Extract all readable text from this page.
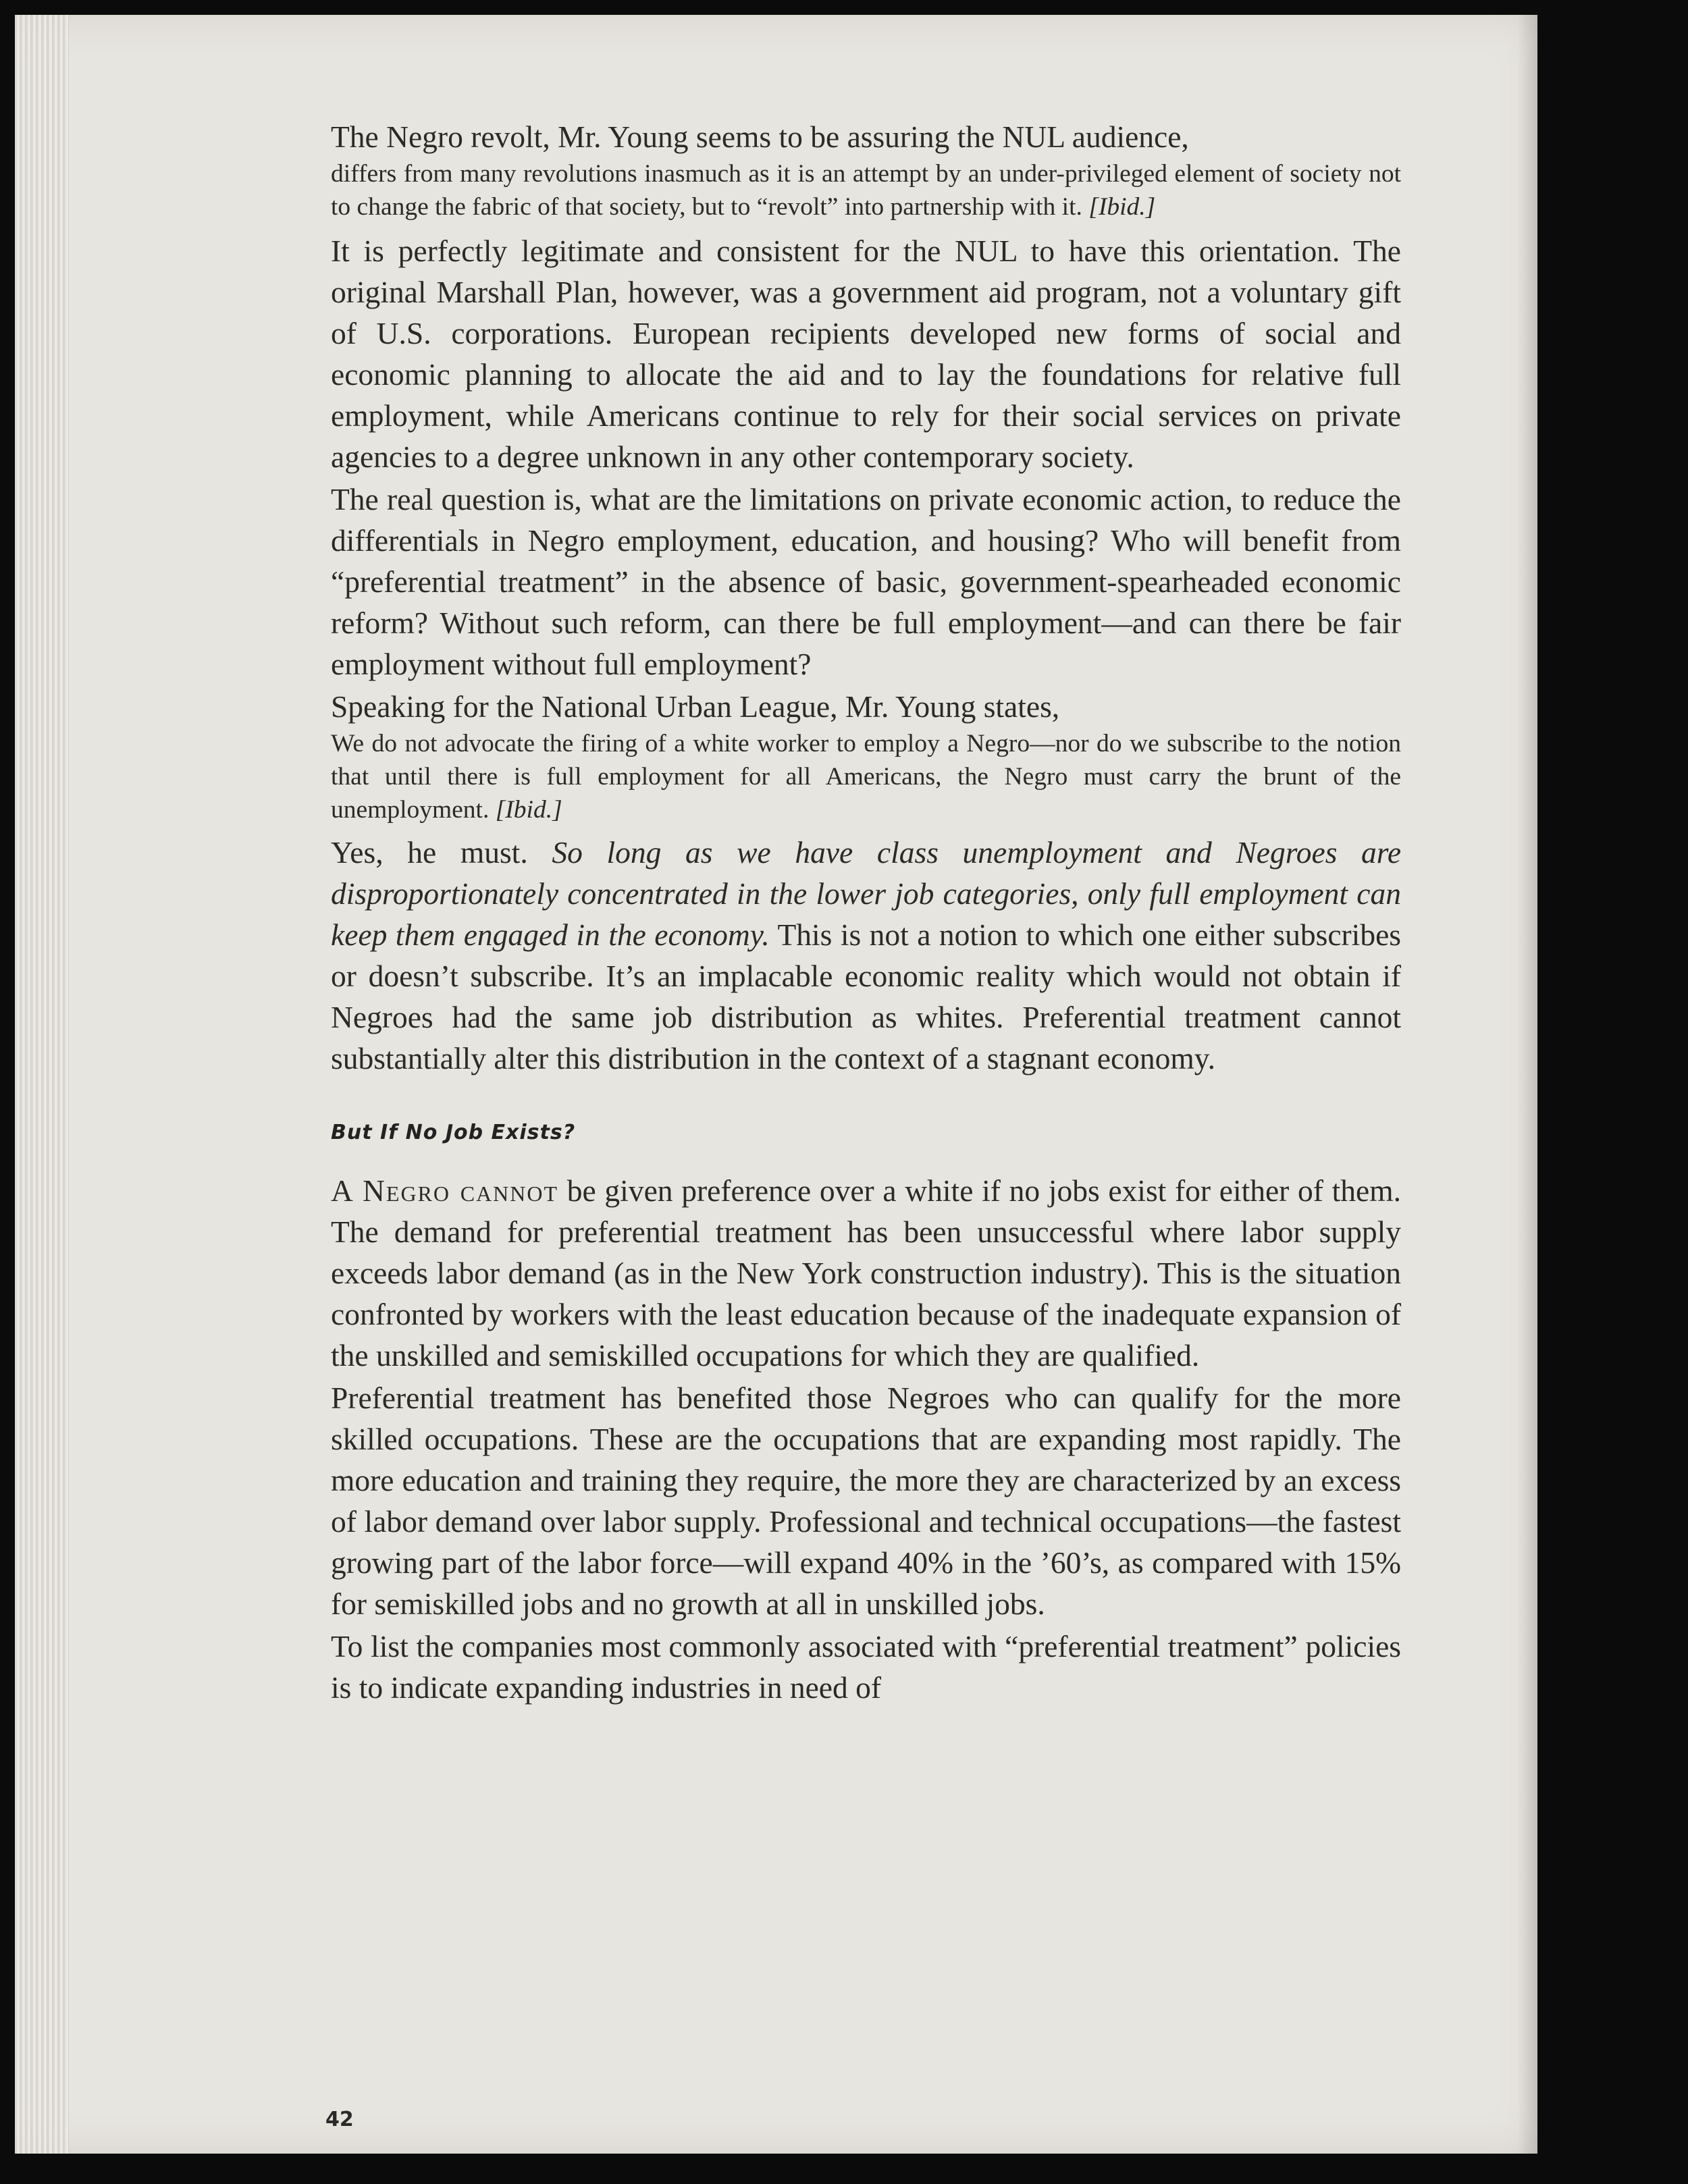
The Negro revolt, Mr. Young seems to be assuring the NUL audience,

differs from many revolutions inasmuch as it is an attempt by an under-privileged element of society not to change the fabric of that society, but to “revolt” into partnership with it. [Ibid.]

It is perfectly legitimate and consistent for the NUL to have this orientation. The original Marshall Plan, however, was a government aid program, not a voluntary gift of U.S. corporations. European recipients developed new forms of social and economic planning to allocate the aid and to lay the foundations for relative full employment, while Americans continue to rely for their social services on private agencies to a degree unknown in any other contemporary society.

The real question is, what are the limitations on private economic action, to reduce the differentials in Negro employment, education, and housing? Who will benefit from “preferential treatment” in the absence of basic, government-spearheaded economic reform? Without such reform, can there be full employment—and can there be fair employment without full employment?

Speaking for the National Urban League, Mr. Young states,

We do not advocate the firing of a white worker to employ a Negro—nor do we subscribe to the notion that until there is full employment for all Americans, the Negro must carry the brunt of the unemployment. [Ibid.]

Yes, he must. So long as we have class unemployment and Negroes are disproportionately concentrated in the lower job categories, only full employment can keep them engaged in the economy. This is not a notion to which one either subscribes or doesn’t subscribe. It’s an implacable economic reality which would not obtain if Negroes had the same job distribution as whites. Preferential treatment cannot substantially alter this distribution in the context of a stagnant economy.

But If No Job Exists?

A Negro cannot be given preference over a white if no jobs exist for either of them. The demand for preferential treatment has been unsuccessful where labor supply exceeds labor demand (as in the New York construction industry). This is the situation confronted by workers with the least education because of the inadequate expansion of the unskilled and semiskilled occupations for which they are qualified.

Preferential treatment has benefited those Negroes who can qualify for the more skilled occupations. These are the occupations that are expanding most rapidly. The more education and training they require, the more they are characterized by an excess of labor demand over labor supply. Professional and technical occupations—the fastest growing part of the labor force—will expand 40% in the ’60’s, as compared with 15% for semiskilled jobs and no growth at all in unskilled jobs.

To list the companies most commonly associated with “preferential treatment” policies is to indicate expanding industries in need of

42
